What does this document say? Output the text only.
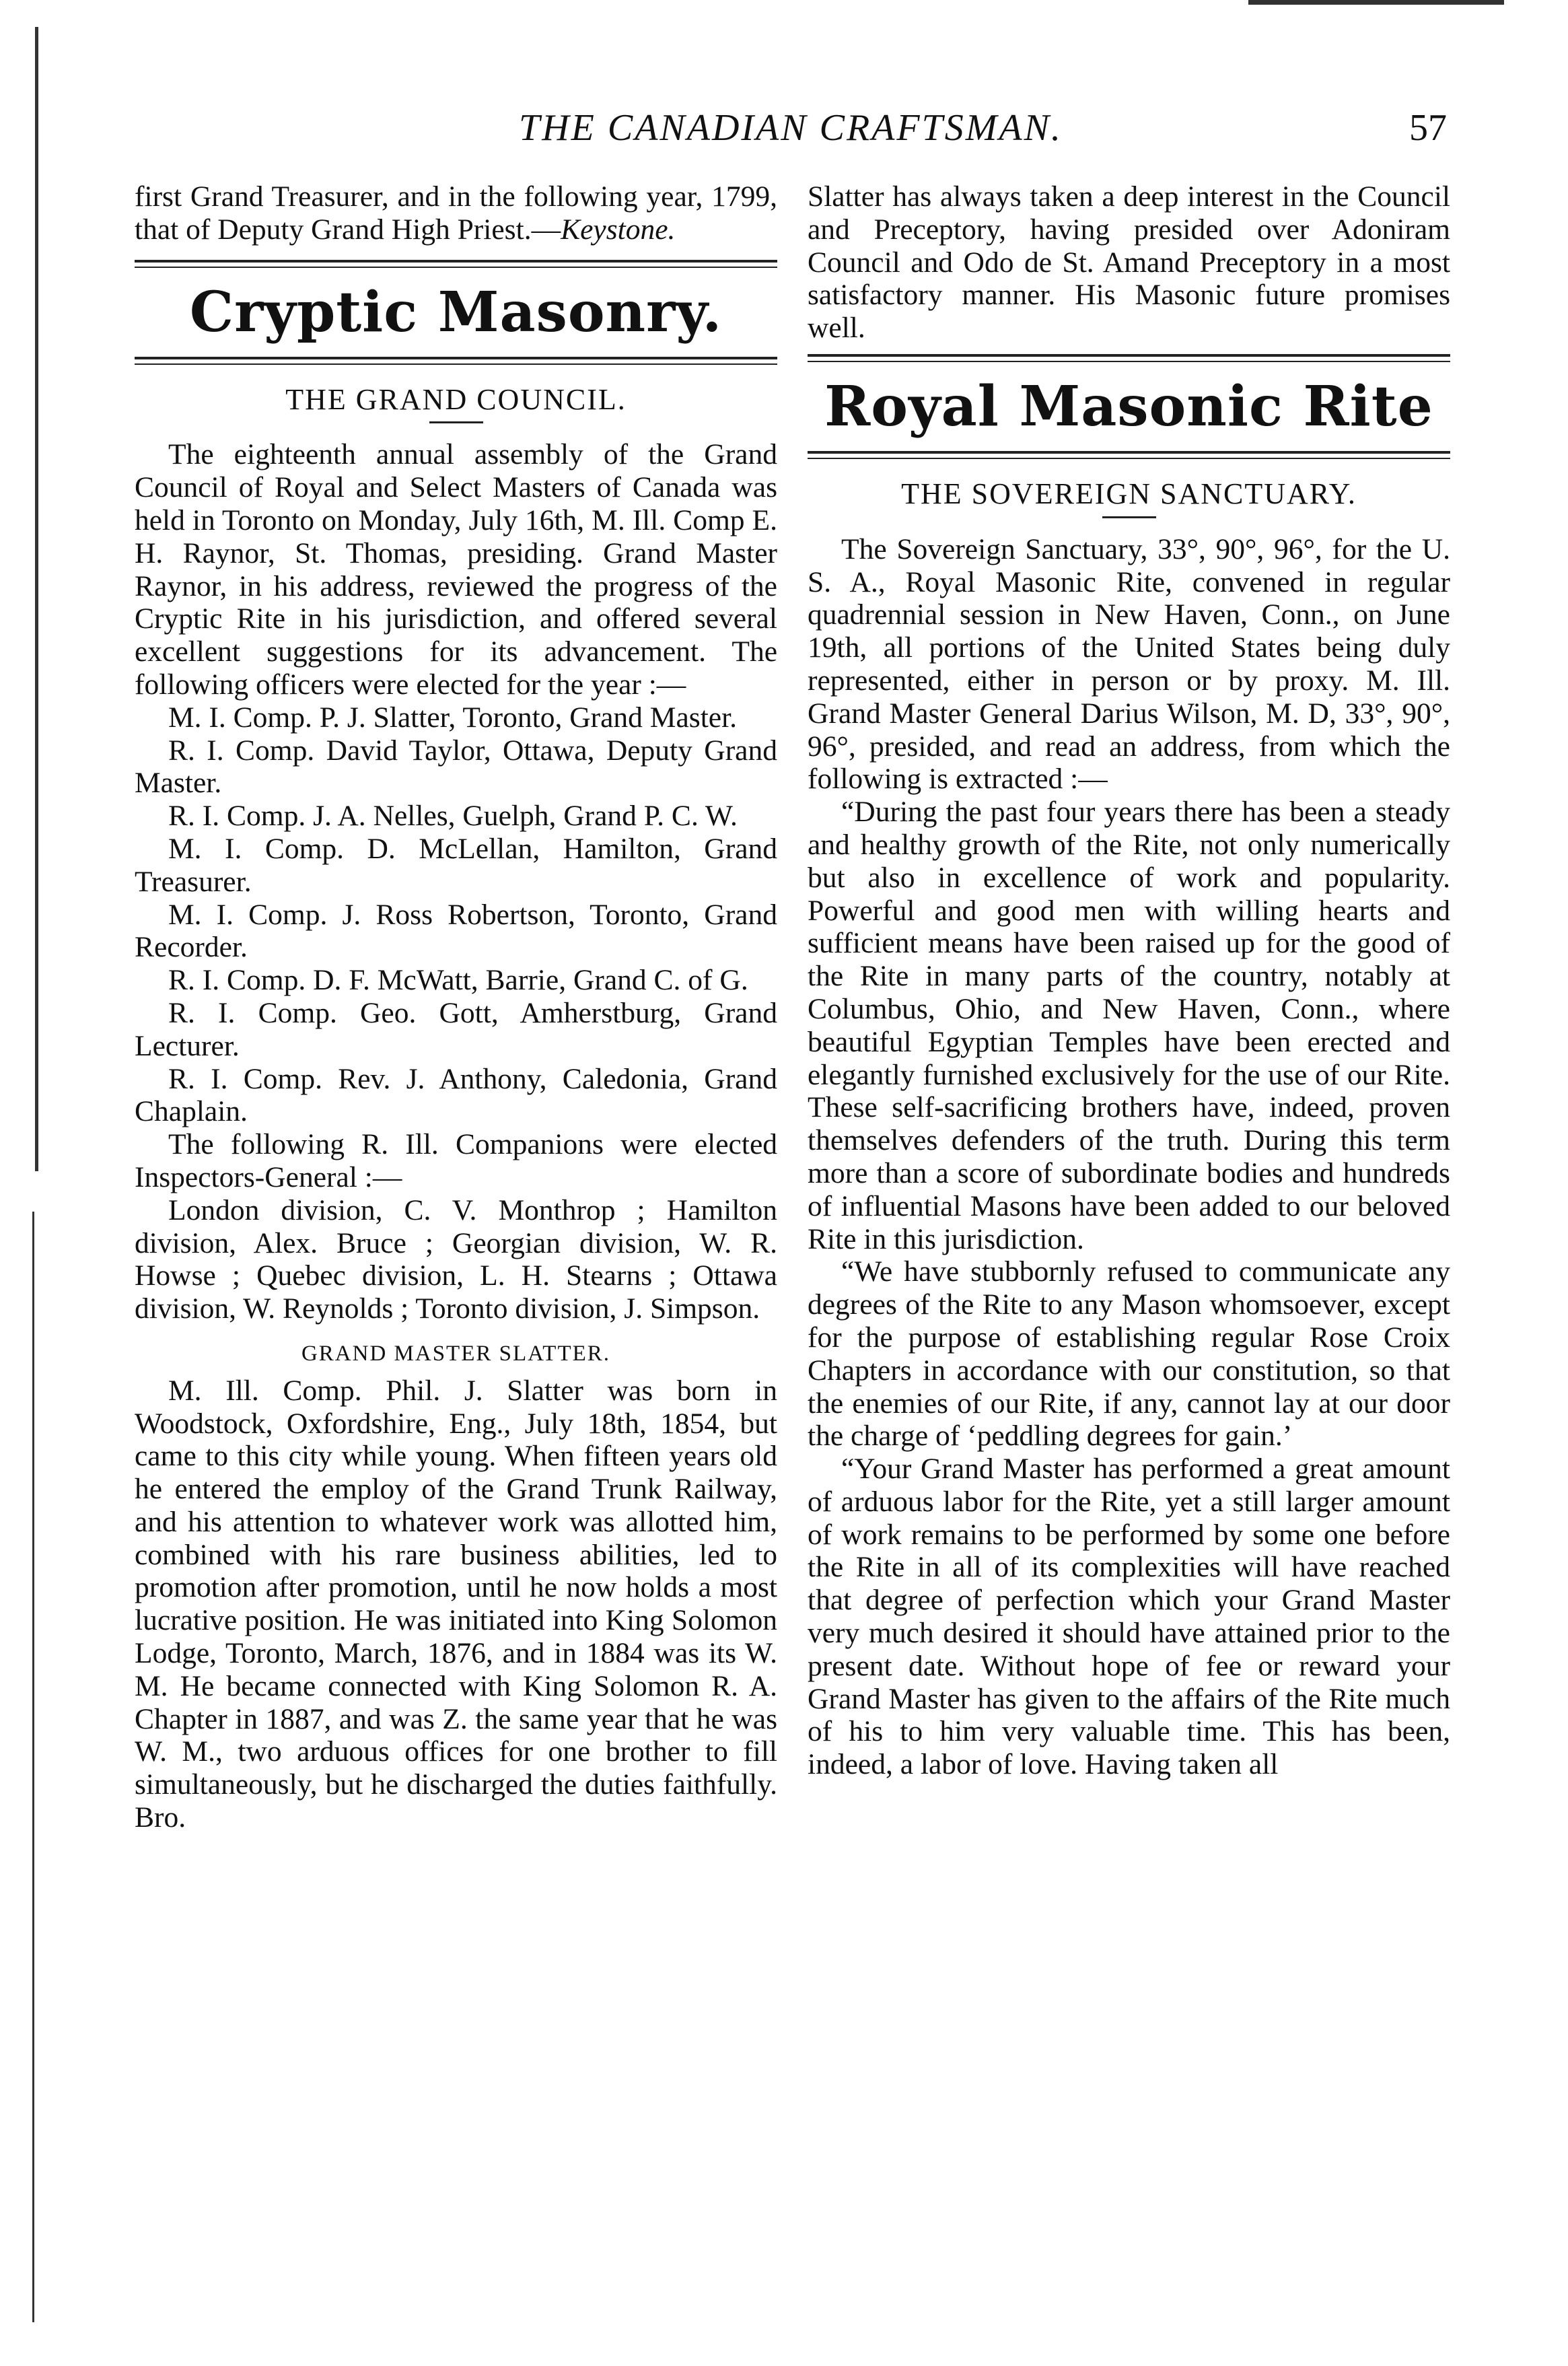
THE CANADIAN CRAFTSMAN.	57

first Grand Treasurer, and in the following year, 1799, that of Deputy Grand High Priest.—Keystone.

Cryptic Masonry.
THE GRAND COUNCIL.

The eighteenth annual assembly of the Grand Council of Royal and Select Masters of Canada was held in Toronto on Monday, July 16th, M. Ill. Comp E. H. Raynor, St. Thomas, presiding. Grand Master Raynor, in his address, reviewed the progress of the Cryptic Rite in his jurisdiction, and offered several excellent suggestions for its advancement. The following officers were elected for the year :—

M. I. Comp. P. J. Slatter, Toronto, Grand Master.

R. I. Comp. David Taylor, Ottawa, Deputy Grand Master.

R. I. Comp. J. A. Nelles, Guelph, Grand P. C. W.

M. I. Comp. D. McLellan, Hamilton, Grand Treasurer.

M. I. Comp. J. Ross Robertson, Toronto, Grand Recorder.

R. I. Comp. D. F. McWatt, Barrie, Grand C. of G.

R. I. Comp. Geo. Gott, Amherstburg, Grand Lecturer.

R. I. Comp. Rev. J. Anthony, Caledonia, Grand Chaplain.

The following R. Ill. Companions were elected Inspectors-General :—

London division, C. V. Monthrop ; Hamilton division, Alex. Bruce ; Georgian division, W. R. Howse ; Quebec division, L. H. Stearns ; Ottawa division, W. Reynolds ; Toronto division, J. Simpson.

GRAND MASTER SLATTER.

M. Ill. Comp. Phil. J. Slatter was born in Woodstock, Oxfordshire, Eng., July 18th, 1854, but came to this city while young. When fifteen years old he entered the employ of the Grand Trunk Railway, and his attention to whatever work was allotted him, combined with his rare business abilities, led to promotion after promotion, until he now holds a most lucrative position. He was initiated into King Solomon Lodge, Toronto, March, 1876, and in 1884 was its W. M. He became connected with King Solomon R. A. Chapter in 1887, and was Z. the same year that he was W. M., two arduous offices for one brother to fill simultaneously, but he discharged the duties faithfully. Bro.

Slatter has always taken a deep interest in the Council and Preceptory, having presided over Adoniram Council and Odo de St. Amand Preceptory in a most satisfactory manner. His Masonic future promises well.

Royal Masonic Rite
THE SOVEREIGN SANCTUARY.

The Sovereign Sanctuary, 33°, 90°, 96°, for the U. S. A., Royal Masonic Rite, convened in regular quadrennial session in New Haven, Conn., on June 19th, all portions of the United States being duly represented, either in person or by proxy. M. Ill. Grand Master General Darius Wilson, M. D, 33°, 90°, 96°, presided, and read an address, from which the following is extracted :—

“During the past four years there has been a steady and healthy growth of the Rite, not only numerically but also in excellence of work and popularity. Powerful and good men with willing hearts and sufficient means have been raised up for the good of the Rite in many parts of the country, notably at Columbus, Ohio, and New Haven, Conn., where beautiful Egyptian Temples have been erected and elegantly furnished exclusively for the use of our Rite. These self-sacrificing brothers have, indeed, proven themselves defenders of the truth. During this term more than a score of subordinate bodies and hundreds of influential Masons have been added to our beloved Rite in this jurisdiction.

“We have stubbornly refused to communicate any degrees of the Rite to any Mason whomsoever, except for the purpose of establishing regular Rose Croix Chapters in accordance with our constitution, so that the enemies of our Rite, if any, cannot lay at our door the charge of ‘peddling degrees for gain.’

“Your Grand Master has performed a great amount of arduous labor for the Rite, yet a still larger amount of work remains to be performed by some one before the Rite in all of its complexities will have reached that degree of perfection which your Grand Master very much desired it should have attained prior to the present date. Without hope of fee or reward your Grand Master has given to the affairs of the Rite much of his to him very valuable time. This has been, indeed, a labor of love. Having taken all
